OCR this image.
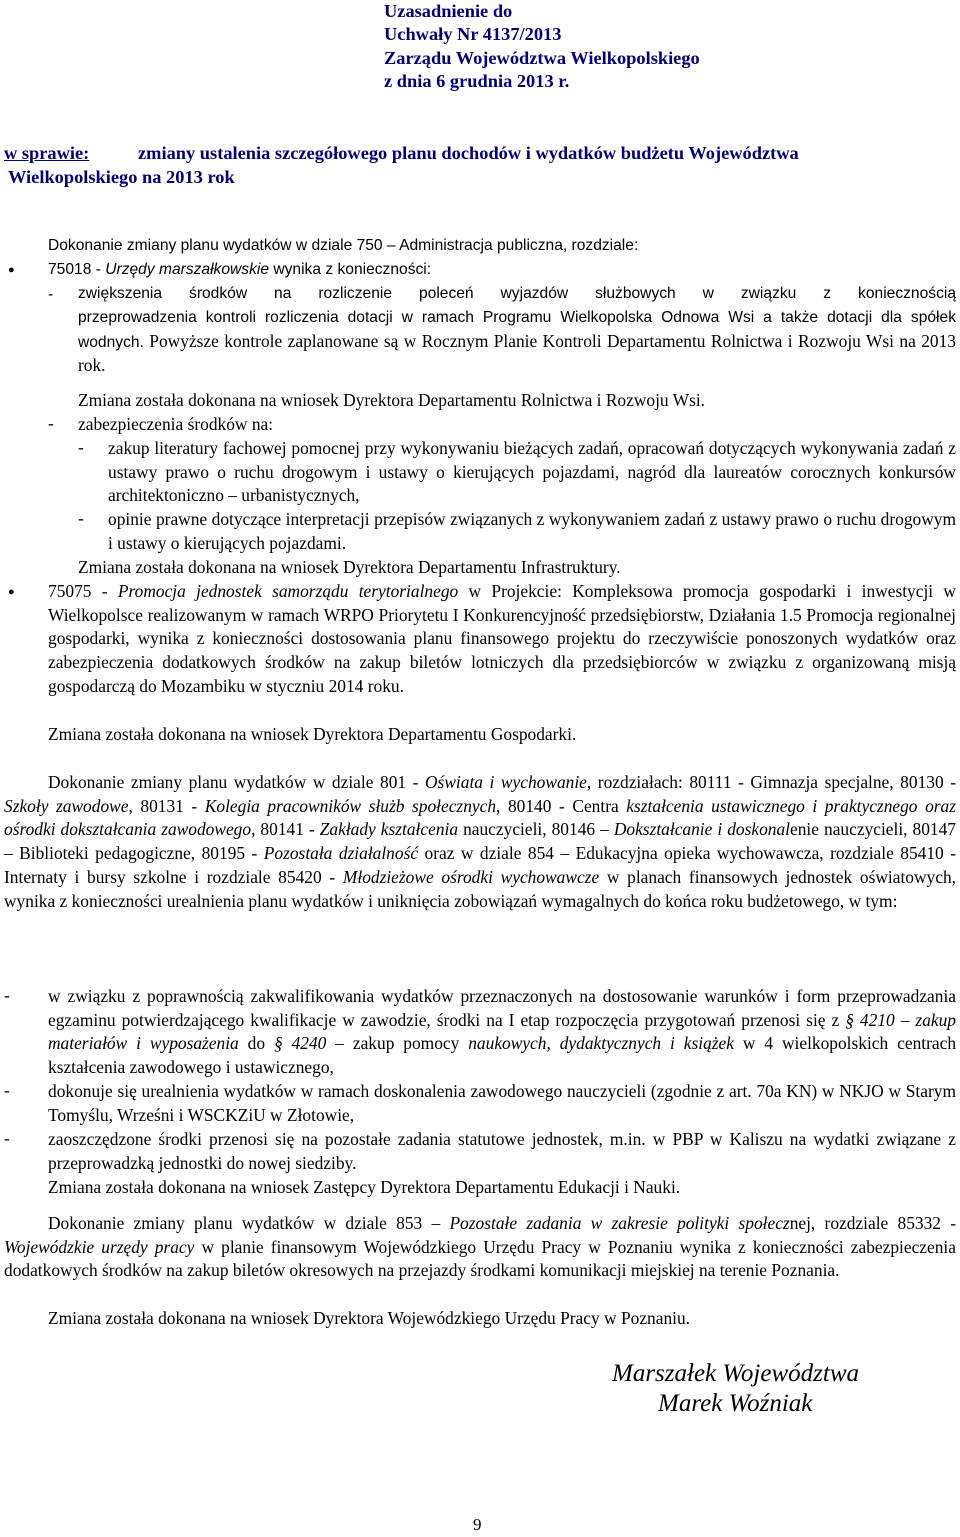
Uzasadnienie do
Uchwały Nr 4137/2013
Zarządu Województwa Wielkopolskiego
z dnia 6 grudnia 2013 r.
w sprawie:	zmiany ustalenia szczegółowego planu dochodów i wydatków budżetu Województwa
Wielkopolskiego na 2013 rok
Dokonanie zmiany planu wydatków w dziale 750 – Administracja publiczna, rozdziale:
● 75018 - Urzędy marszałkowskie wynika z konieczności:
- zwiększenia środków na rozliczenie poleceń wyjazdów służbowych w związku z koniecznością
przeprowadzenia kontroli rozliczenia dotacji w ramach Programu Wielkopolska Odnowa Wsi a także dotacji dla spółek wodnych. Powyższe kontrole zaplanowane są w Rocznym Planie Kontroli Departamentu Rolnictwa i Rozwoju Wsi na 2013 rok.
Zmiana została dokonana na wniosek Dyrektora Departamentu Rolnictwa i Rozwoju Wsi.
- zabezpieczenia środków na:
- zakup literatury fachowej pomocnej przy wykonywaniu bieżących zadań, opracowań dotyczących wykonywania zadań z ustawy prawo o ruchu drogowym i ustawy o kierujących pojazdami, nagród dla laureatów corocznych konkursów architektoniczno – urbanistycznych,
- opinie prawne dotyczące interpretacji przepisów związanych z wykonywaniem zadań z ustawy prawo o ruchu drogowym i ustawy o kierujących pojazdami.
Zmiana została dokonana na wniosek Dyrektora Departamentu Infrastruktury.
● 75075 - Promocja jednostek samorządu terytorialnego w Projekcie: Kompleksowa promocja gospodarki i inwestycji w Wielkopolsce realizowanym w ramach WRPO Priorytetu I Konkurencyjność przedsiębiorstw, Działania 1.5 Promocja regionalnej gospodarki, wynika z konieczności dostosowania planu finansowego projektu do rzeczywiście ponoszonych wydatków oraz zabezpieczenia dodatkowych środków na zakup biletów lotniczych dla przedsiębiorców w związku z organizowaną misją gospodarczą do Mozambiku w styczniu 2014 roku.
Zmiana została dokonana na wniosek Dyrektora Departamentu Gospodarki.
Dokonanie zmiany planu wydatków w dziale 801 - Oświata i wychowanie, rozdziałach: 80111 - Gimnazja specjalne, 80130 - Szkoły zawodowe, 80131 - Kolegia pracowników służb społecznych, 80140 - Centra kształcenia ustawicznego i praktycznego oraz ośrodki dokształcania zawodowego, 80141 - Zakłady kształcenia nauczycieli, 80146 – Dokształcanie i doskonalenie nauczycieli, 80147 – Biblioteki pedagogiczne, 80195 - Pozostała działalność oraz w dziale 854 – Edukacyjna opieka wychowawcza, rozdziale 85410 - Internaty i bursy szkolne i rozdziale 85420 - Młodzieżowe ośrodki wychowawcze w planach finansowych jednostek oświatowych, wynika z konieczności urealnienia planu wydatków i uniknięcia zobowiązań wymagalnych do końca roku budżetowego, w tym:
- w związku z poprawnością zakwalifikowania wydatków przeznaczonych na dostosowanie warunków i form przeprowadzania egzaminu potwierdzającego kwalifikacje w zawodzie, środki na I etap rozpoczęcia przygotowań przenosi się z § 4210 – zakup materiałów i wyposażenia do § 4240 – zakup pomocy naukowych, dydaktycznych i książek w 4 wielkopolskich centrach kształcenia zawodowego i ustawicznego,
- dokonuje się urealnienia wydatków w ramach doskonalenia zawodowego nauczycieli (zgodnie z art. 70a KN) w NKJO w Starym Tomyślu, Wrześni i WSCKZiU w Złotowie,
- zaoszczędzone środki przenosi się na pozostałe zadania statutowe jednostek, m.in. w PBP w Kaliszu na wydatki związane z przeprowadzką jednostki do nowej siedziby.
Zmiana została dokonana na wniosek Zastępcy Dyrektora Departamentu Edukacji i Nauki.
Dokonanie zmiany planu wydatków w dziale 853 – Pozostałe zadania w zakresie polityki społecznej, rozdziale 85332 - Wojewódzkie urzędy pracy w planie finansowym Wojewódzkiego Urzędu Pracy w Poznaniu wynika z konieczności zabezpieczenia dodatkowych środków na zakup biletów okresowych na przejazdy środkami komunikacji miejskiej na terenie Poznania.
Zmiana została dokonana na wniosek Dyrektora Wojewódzkiego Urzędu Pracy w Poznaniu.
Marszałek Województwa
Marek Woźniak
9
